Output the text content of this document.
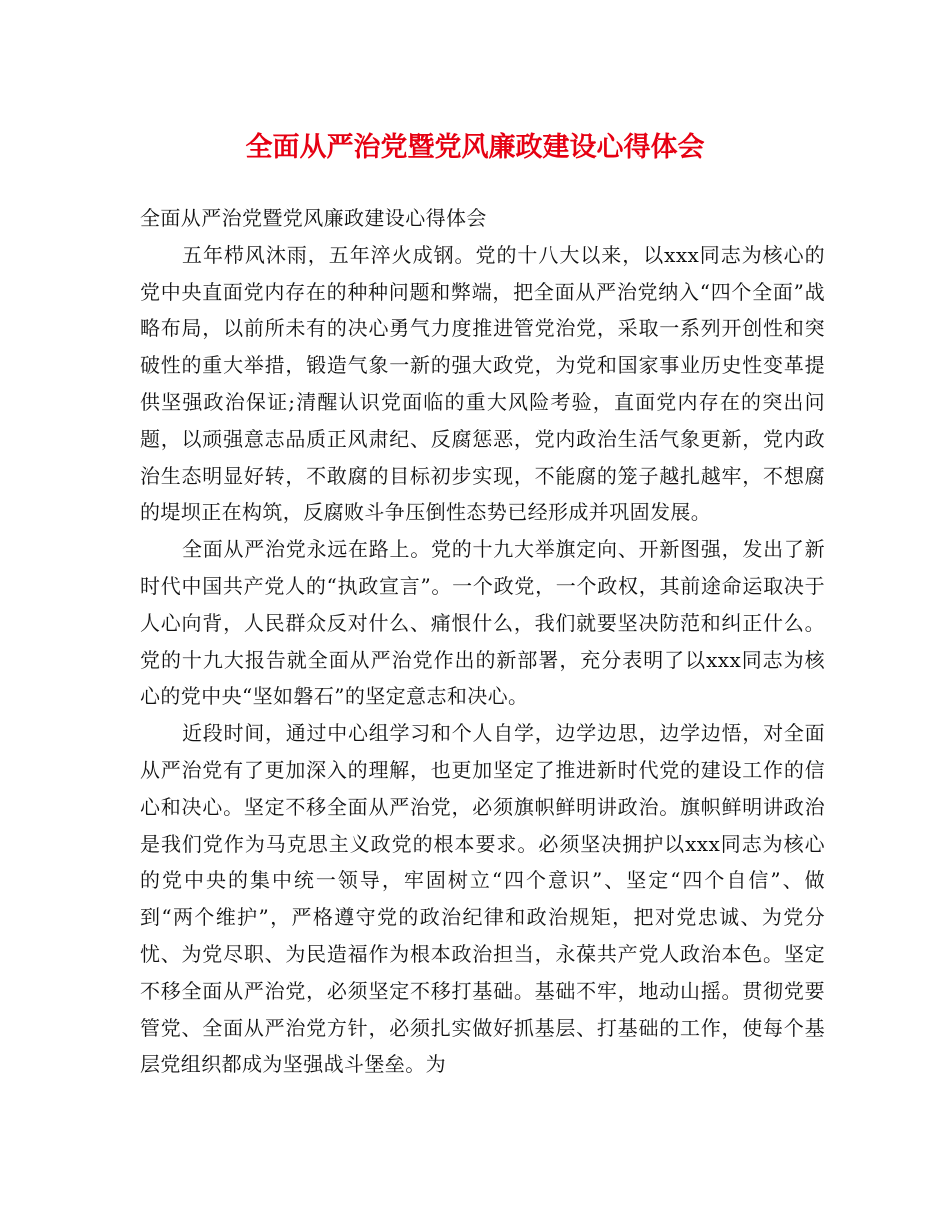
全面从严治党暨党风廉政建设心得体会

全面从严治党暨党风廉政建设心得体会

五年栉风沐雨，五年淬火成钢。党的十八大以来，以xxx同志为核心的党中央直面党内存在的种种问题和弊端，把全面从严治党纳入“四个全面”战略布局，以前所未有的决心勇气力度推进管党治党，采取一系列开创性和突破性的重大举措，锻造气象一新的强大政党，为党和国家事业历史性变革提供坚强政治保证;清醒认识党面临的重大风险考验，直面党内存在的突出问题，以顽强意志品质正风肃纪、反腐惩恶，党内政治生活气象更新，党内政治生态明显好转，不敢腐的目标初步实现，不能腐的笼子越扎越牢，不想腐的堤坝正在构筑，反腐败斗争压倒性态势已经形成并巩固发展。

全面从严治党永远在路上。党的十九大举旗定向、开新图强，发出了新时代中国共产党人的“执政宣言”。一个政党，一个政权，其前途命运取决于人心向背，人民群众反对什么、痛恨什么，我们就要坚决防范和纠正什么。党的十九大报告就全面从严治党作出的新部署，充分表明了以xxx同志为核心的党中央“坚如磐石”的坚定意志和决心。

近段时间，通过中心组学习和个人自学，边学边思，边学边悟，对全面从严治党有了更加深入的理解，也更加坚定了推进新时代党的建设工作的信心和决心。坚定不移全面从严治党，必须旗帜鲜明讲政治。旗帜鲜明讲政治是我们党作为马克思主义政党的根本要求。必须坚决拥护以xxx同志为核心的党中央的集中统一领导，牢固树立“四个意识”、坚定“四个自信”、做到“两个维护”，严格遵守党的政治纪律和政治规矩，把对党忠诚、为党分忧、为党尽职、为民造福作为根本政治担当，永葆共产党人政治本色。坚定不移全面从严治党，必须坚定不移打基础。基础不牢，地动山摇。贯彻党要管党、全面从严治党方针，必须扎实做好抓基层、打基础的工作，使每个基层党组织都成为坚强战斗堡垒。为
